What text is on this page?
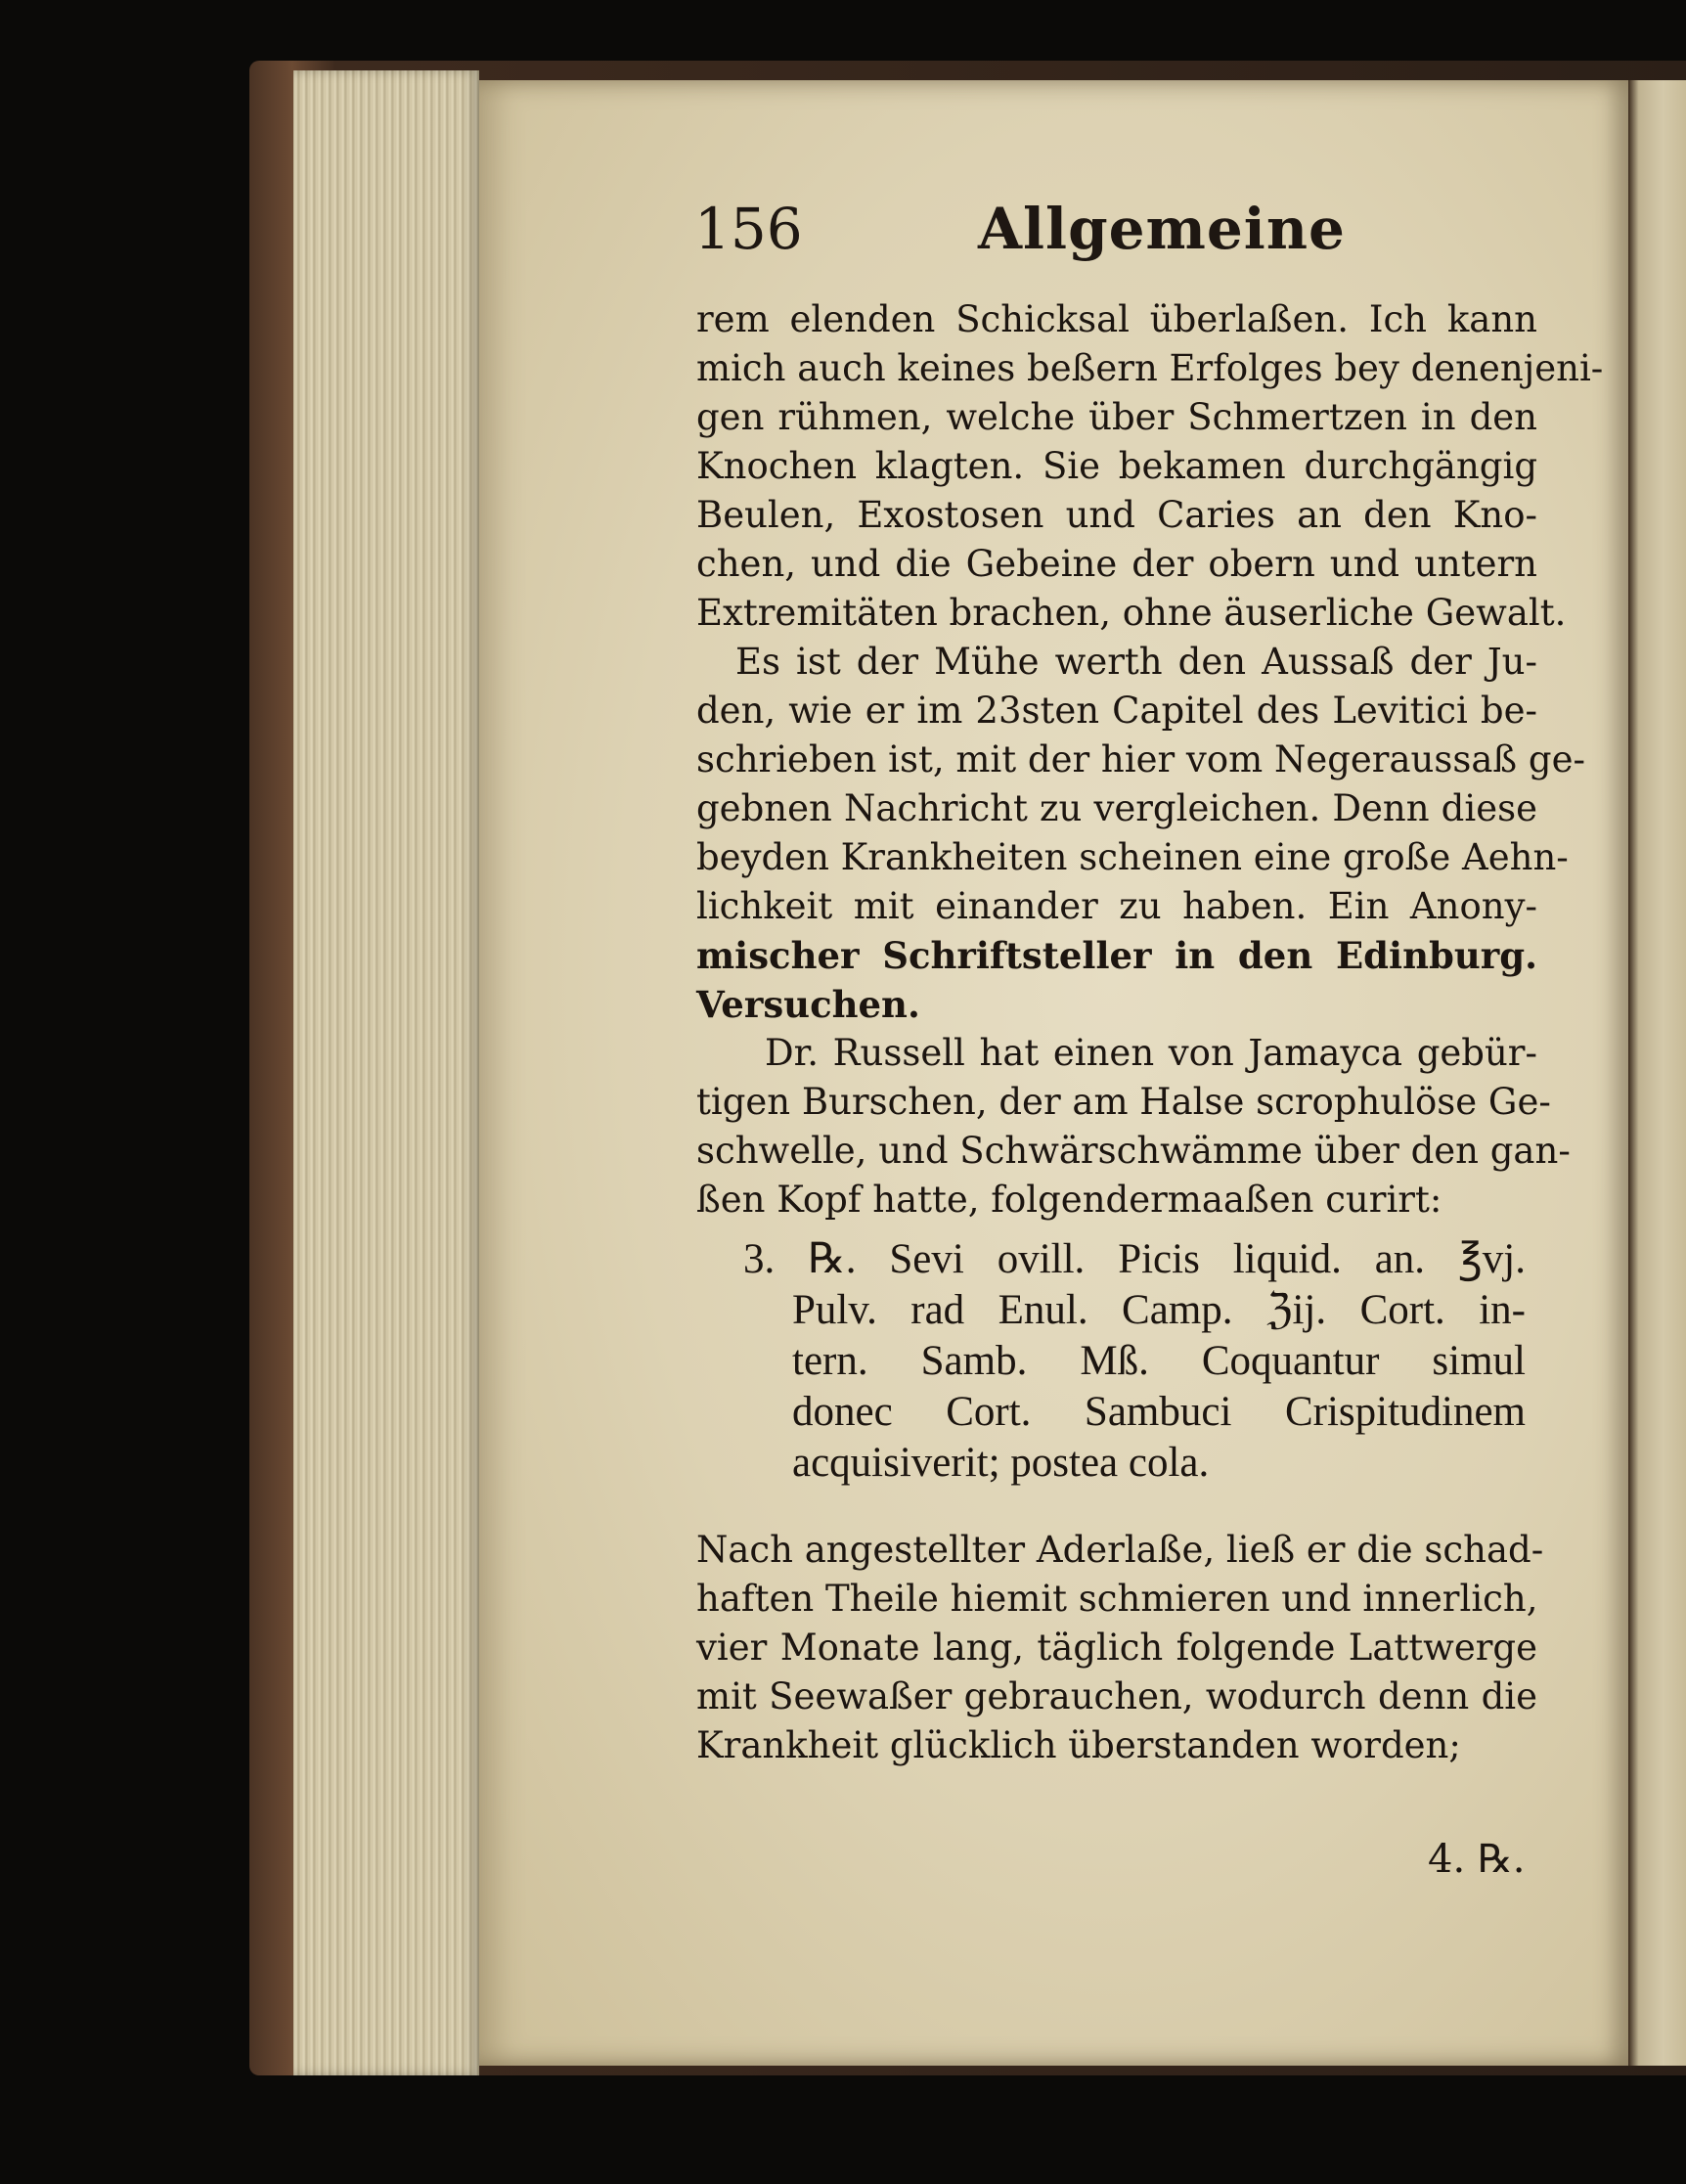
156	Allgemeine
rem elenden Schicksal überlaßen. Ich kann
mich auch keines beßern Erfolges bey denenjeni-
gen rühmen, welche über Schmertzen in den
Knochen klagten. Sie bekamen durchgängig
Beulen, Exostosen und Caries an den Kno-
chen, und die Gebeine der obern und untern
Extremitäten brachen, ohne äuserliche Gewalt.
Es ist der Mühe werth den Aussaß der Ju-
den, wie er im 23sten Capitel des Levitici be-
schrieben ist, mit der hier vom Negeraussaß ge-
gebnen Nachricht zu vergleichen. Denn diese
beyden Krankheiten scheinen eine große Aehn-
lichkeit mit einander zu haben. Ein Anony-
mischer Schriftsteller in den Edinburg.
Versuchen.
Dr. Russell hat einen von Jamayca gebür-
tigen Burschen, der am Halse scrophulöse Ge-
schwelle, und Schwärschwämme über den gan-
ßen Kopf hatte, folgendermaaßen curirt:
3. ℞. Sevi ovill. Picis liquid. an. ℥vj.
Pulv. rad Enul. Camp. ℨij. Cort. in-
tern. Samb. Mß. Coquantur simul
donec Cort. Sambuci Crispitudinem
acquisiverit; postea cola.
Nach angestellter Aderlaße, ließ er die schad-
haften Theile hiemit schmieren und innerlich,
vier Monate lang, täglich folgende Lattwerge
mit Seewaßer gebrauchen, wodurch denn die
Krankheit glücklich überstanden worden;
4. ℞.
